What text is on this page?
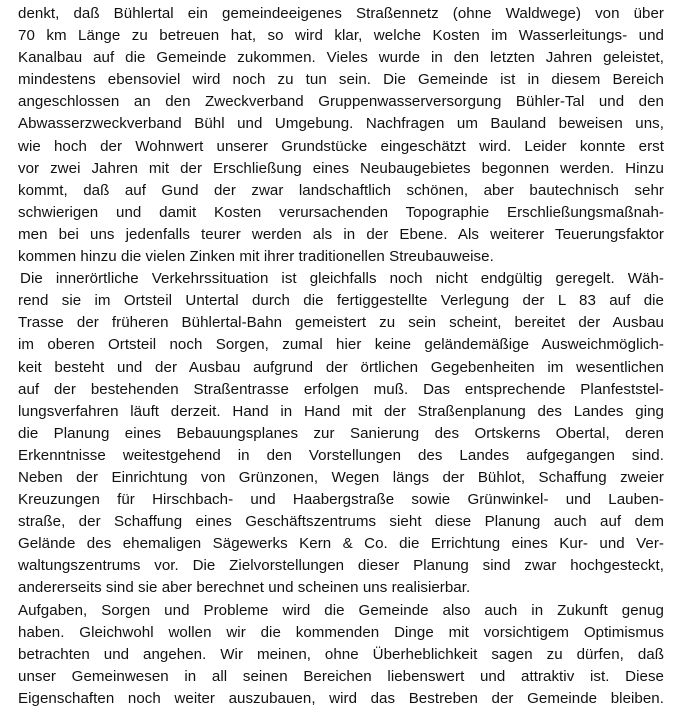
denkt, daß Bühlertal ein gemeindeeigenes Straßennetz (ohne Waldwege) von über
70 km Länge zu betreuen hat, so wird klar, welche Kosten im Wasserleitungs- und
Kanalbau auf die Gemeinde zukommen. Vieles wurde in den letzten Jahren geleistet,
mindestens ebensoviel wird noch zu tun sein. Die Gemeinde ist in diesem Bereich
angeschlossen an den Zweckverband Gruppenwasserversorgung Bühler-Tal und den
Abwasserzweckverband Bühl und Umgebung. Nachfragen um Bauland beweisen uns,
wie hoch der Wohnwert unserer Grundstücke eingeschätzt wird. Leider konnte erst
vor zwei Jahren mit der Erschließung eines Neubaugebietes begonnen werden. Hinzu
kommt, daß auf Gund der zwar landschaftlich schönen, aber bautechnisch sehr
schwierigen und damit Kosten verursachenden Topographie Erschließungsmaßnah-
men bei uns jedenfalls teurer werden als in der Ebene. Als weiterer Teuerungsfaktor
kommen hinzu die vielen Zinken mit ihrer traditionellen Streubauweise.
Die innerörtliche Verkehrssituation ist gleichfalls noch nicht endgültig geregelt. Wäh-
rend sie im Ortsteil Untertal durch die fertiggestellte Verlegung der L 83 auf die
Trasse der früheren Bühlertal-Bahn gemeistert zu sein scheint, bereitet der Ausbau
im oberen Ortsteil noch Sorgen, zumal hier keine geländemäßige Ausweichmöglich-
keit besteht und der Ausbau aufgrund der örtlichen Gegebenheiten im wesentlichen
auf der bestehenden Straßentrasse erfolgen muß. Das entsprechende Planfeststel-
lungsverfahren läuft derzeit. Hand in Hand mit der Straßenplanung des Landes ging
die Planung eines Bebauungsplanes zur Sanierung des Ortskerns Obertal, deren
Erkenntnisse weitestgehend in den Vorstellungen des Landes aufgegangen sind.
Neben der Einrichtung von Grünzonen, Wegen längs der Bühlot, Schaffung zweier
Kreuzungen für Hirschbach- und Haabergstraße sowie Grünwinkel- und Lauben-
straße, der Schaffung eines Geschäftszentrums sieht diese Planung auch auf dem
Gelände des ehemaligen Sägewerks Kern & Co. die Errichtung eines Kur- und Ver-
waltungszentrums vor. Die Zielvorstellungen dieser Planung sind zwar hochgesteckt,
andererseits sind sie aber berechnet und scheinen uns realisierbar.
Aufgaben, Sorgen und Probleme wird die Gemeinde also auch in Zukunft genug
haben. Gleichwohl wollen wir die kommenden Dinge mit vorsichtigem Optimismus
betrachten und angehen. Wir meinen, ohne Überheblichkeit sagen zu dürfen, daß
unser Gemeinwesen in all seinen Bereichen liebenswert und attraktiv ist. Diese
Eigenschaften noch weiter auszubauen, wird das Bestreben der Gemeinde bleiben.
